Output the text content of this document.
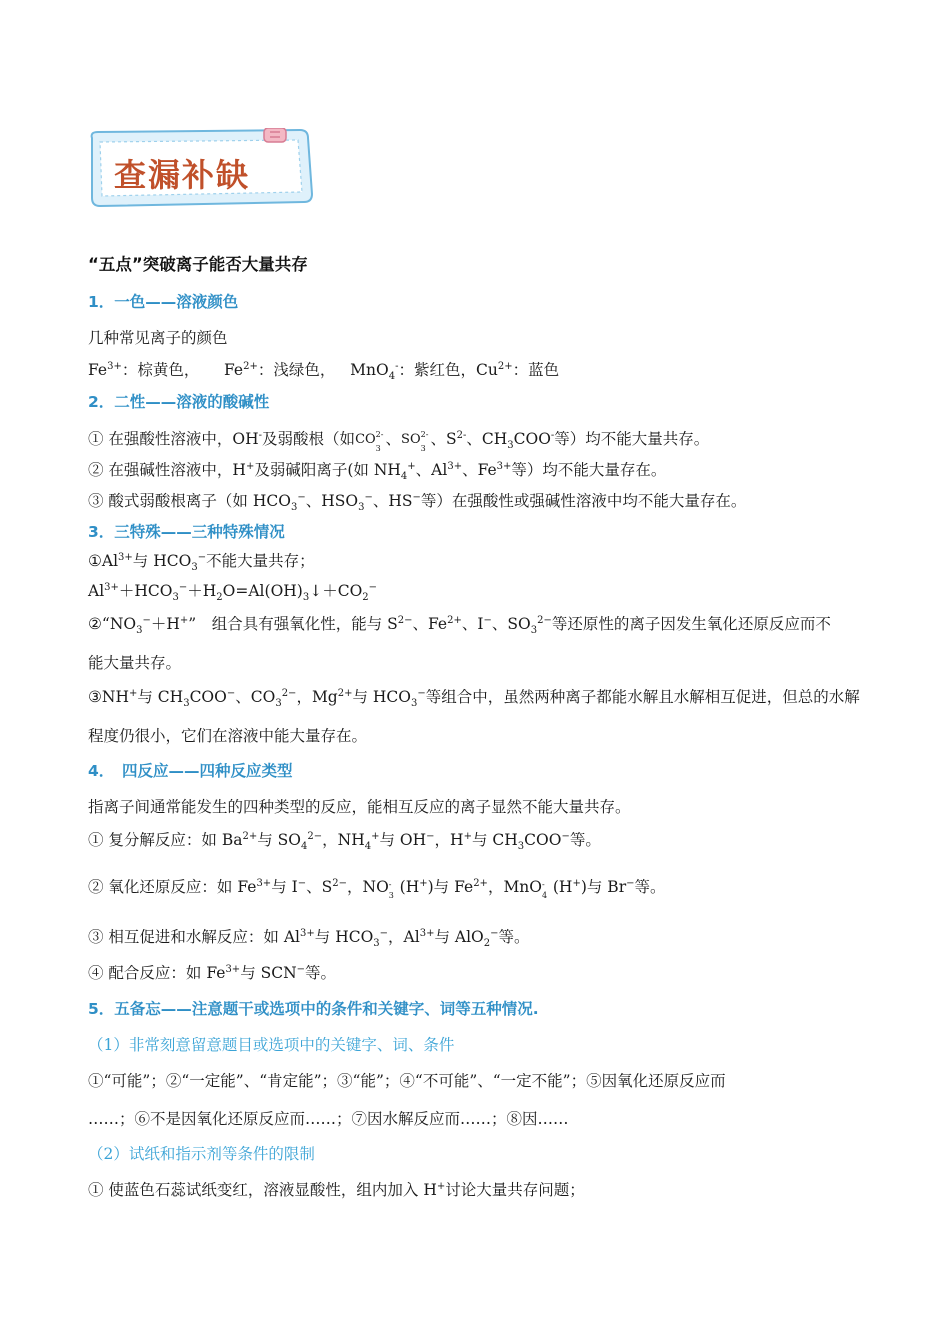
查漏补缺
“五点”突破离子能否大量共存
1．一色——溶液颜色
几种常见离子的颜色
$Fe^{3+}$：棕黄色， $Fe^{2+}$：浅绿色， MnO$_4$-：紫红色，$Cu^{2+}$：蓝色
2．二性——溶液的酸碱性
① 在强酸性溶液中，OH-及弱酸根（如CO 2-
3
、SO 2-
3
、$S^{2-}$、$CH_3COO^-$等）均不能大量共存。
② 在强碱性溶液中，H+及弱碱阳离子(如 $NH_4^+$、$Al^{3+}$、$Fe^{3+}$等）均不能大量存在。
③ 酸式弱酸根离子（如 $HCO_3^-$、$HSO_3^-$、HS−等）在强酸性或强碱性溶液中均不能大量存在。
3．三特殊——三种特殊情况
$①Al^{3+}$与 $HCO_3^-$不能大量共存；
$Al^{3+}+HCO_3^-+H_2O=Al(OH)_3↓+CO_2^-$
$②“NO_3^-+H^+$”　组合具有强氧化性，能与 $S^{2-}$、$Fe^{2+}$、I−、$SO_3^{2-}$等还原性的离子因发生氧化还原反应而不
能大量共存。
③NH+与 $CH_3COO^-$、$CO_3^{2-}$，$Mg^{2+}$与 $HCO_3^-$等组合中，虽然两种离子都能水解且水解相互促进，但总的水解
程度仍很小，它们在溶液中能大量存在。
4．　四反应——四种反应类型
指离子间通常能发生的四种类型的反应，能相互反应的离子显然不能大量共存。
① 复分解反应：如 $Ba^{2+}$与 $SO_4^{2-}$，$NH_4^+$与 OH−，H+与 $CH_3COO^-$等。
② 氧化还原反应：如 $Fe^{3+}$与 I−、$S^{2-}$，NO -
3 (H+)与 $Fe^{2+}$，MnO -
4 (H+)与 Br−等。
③ 相互促进和水解反应：如 $Al^{3+}$与 $HCO_3^-$，$Al^{3+}$与 AlO$_2$−等。
④ 配合反应：如 $Fe^{3+}$与 SCN−等。
5．五备忘——注意题干或选项中的条件和关键字、词等五种情况.
（1）非常刻意留意题目或选项中的关键字、词、条件
①“可能”；②“一定能”、“肯定能”；③“能”；④“不可能”、“一定不能”；⑤因氧化还原反应而
……；⑥不是因氧化还原反应而……；⑦因水解反应而……；⑧因……
（2）试纸和指示剂等条件的限制
① 使蓝色石蕊试纸变红，溶液显酸性，组内加入 H+讨论大量共存问题；
